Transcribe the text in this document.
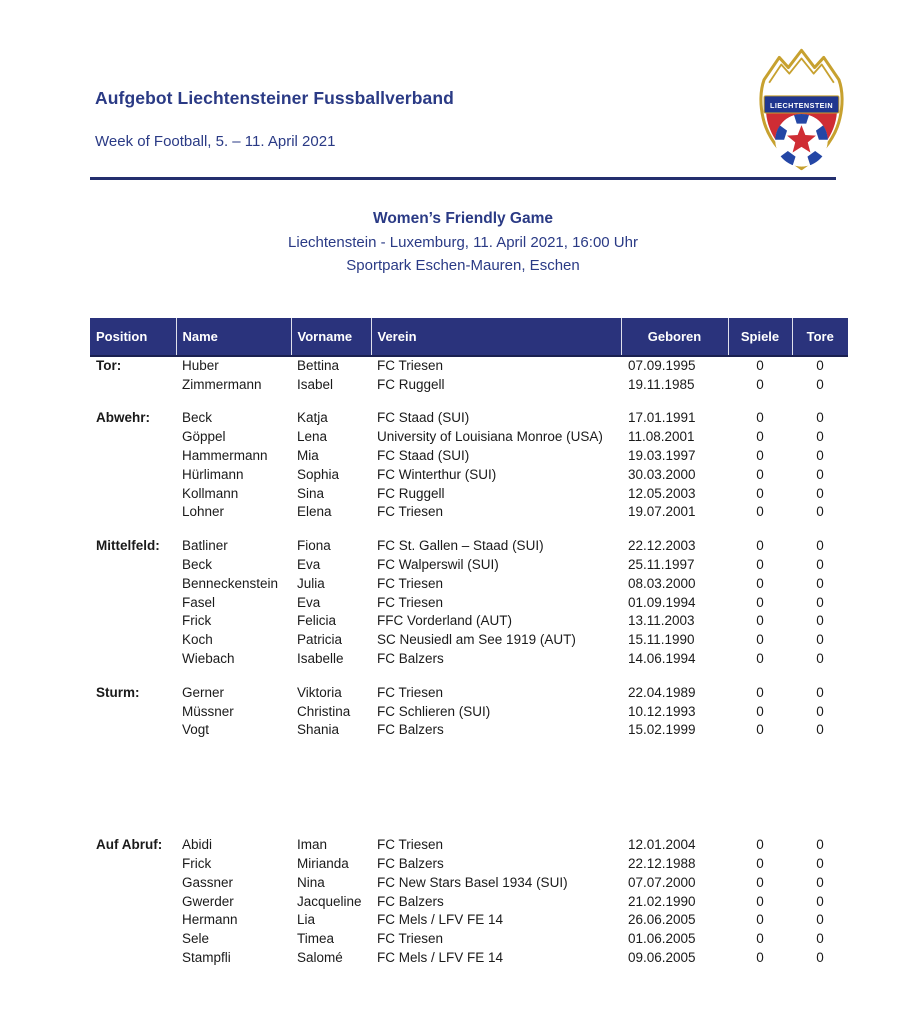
Aufgebot Liechtensteiner Fussballverband
Week of Football, 5. – 11. April 2021
LIECHTENSTEIN
Women’s Friendly Game
Liechtenstein - Luxemburg, 11. April 2021, 16:00 Uhr
Sportpark Eschen-Mauren, Eschen
Position	Name	Vorname	Verein	Geboren	Spiele	Tore
Tor:	Huber	Bettina	FC Triesen	07.09.1995	0	0
	Zimmermann	Isabel	FC Ruggell	19.11.1985	0	0

Abwehr:	Beck	Katja	FC Staad (SUI)	17.01.1991	0	0
	Göppel	Lena	University of Louisiana Monroe (USA)	11.08.2001	0	0
	Hammermann	Mia	FC Staad (SUI)	19.03.1997	0	0
	Hürlimann	Sophia	FC Winterthur (SUI)	30.03.2000	0	0
	Kollmann	Sina	FC Ruggell	12.05.2003	0	0
	Lohner	Elena	FC Triesen	19.07.2001	0	0

Mittelfeld:	Batliner	Fiona	FC St. Gallen – Staad (SUI)	22.12.2003	0	0
	Beck	Eva	FC Walperswil (SUI)	25.11.1997	0	0
	Benneckenstein	Julia	FC Triesen	08.03.2000	0	0
	Fasel	Eva	FC Triesen	01.09.1994	0	0
	Frick	Felicia	FFC Vorderland (AUT)	13.11.2003	0	0
	Koch	Patricia	SC Neusiedl am See 1919 (AUT)	15.11.1990	0	0
	Wiebach	Isabelle	FC Balzers	14.06.1994	0	0

Sturm:	Gerner	Viktoria	FC Triesen	22.04.1989	0	0
	Müssner	Christina	FC Schlieren (SUI)	10.12.1993	0	0
	Vogt	Shania	FC Balzers	15.02.1999	0	0

Auf Abruf:	Abidi	Iman	FC Triesen	12.01.2004	0	0
	Frick	Mirianda	FC Balzers	22.12.1988	0	0
	Gassner	Nina	FC New Stars Basel 1934 (SUI)	07.07.2000	0	0
	Gwerder	Jacqueline	FC Balzers	21.02.1990	0	0
	Hermann	Lia	FC Mels / LFV FE 14	26.06.2005	0	0
	Sele	Timea	FC Triesen	01.06.2005	0	0
	Stampfli	Salomé	FC Mels / LFV FE 14	09.06.2005	0	0
